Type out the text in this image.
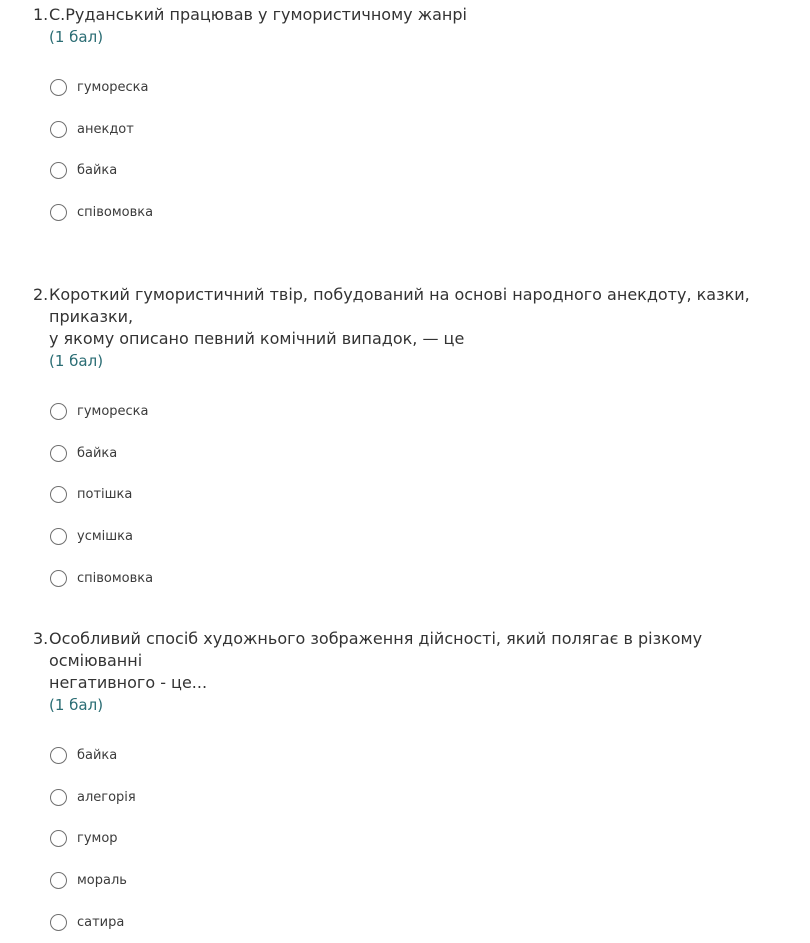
1. С.Руданський працював у гумористичному жанрі
(1 бал)
гумореска
анекдот
байка
співомовка
2. Короткий гумористичний твір, побудований на основі народного анекдоту, казки, приказки,
у якому описано певний комічний випадок, — це
(1 бал)
гумореска
байка
потішка
усмішка
співомовка
3. Особливий спосіб художнього зображення дійсності, який полягає в різкому осміюванні
негативного - це...
(1 бал)
байка
алегорія
гумор
мораль
сатира
